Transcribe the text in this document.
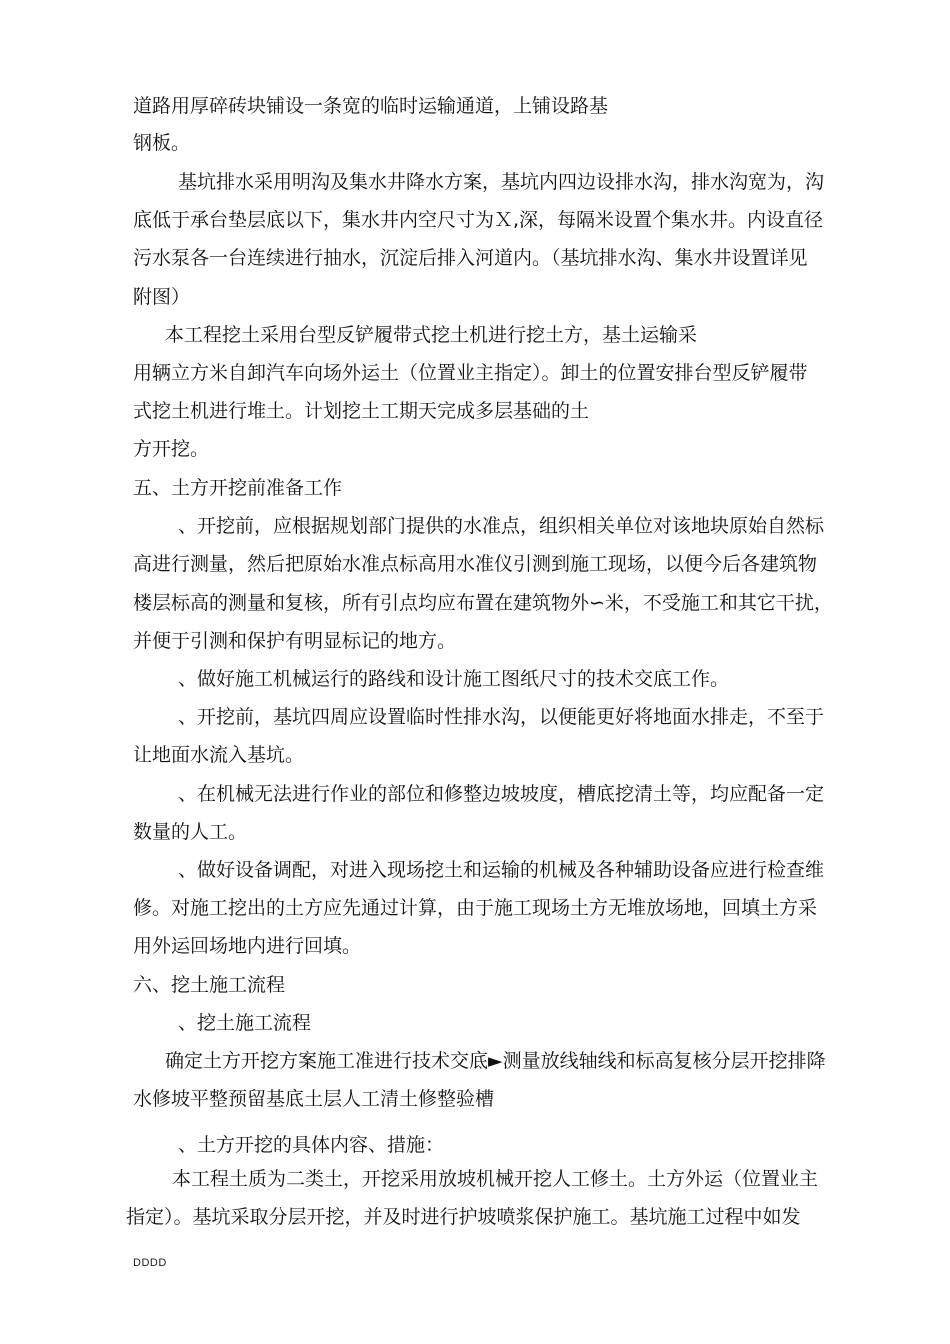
道路用厚碎砖块铺设一条宽的临时运输通道，上铺设路基
钢板。
基坑排水采用明沟及集水井降水方案，基坑内四边设排水沟，排水沟宽为，沟
底低于承台垫层底以下，集水井内空尺寸为Ｘ,深，每隔米设置个集水井。内设直径
污水泵各一台连续进行抽水，沉淀后排入河道内。（基坑排水沟、集水井设置详见
附图）
本工程挖土采用台型反铲履带式挖土机进行挖土方，基土运输采
用辆立方米自卸汽车向场外运土（位置业主指定）。卸土的位置安排台型反铲履带
式挖土机进行堆土。计划挖土工期天完成多层基础的土
方开挖。
五、土方开挖前准备工作
、开挖前，应根据规划部门提供的水准点，组织相关单位对该地块原始自然标
高进行测量，然后把原始水准点标高用水准仪引测到施工现场，以便今后各建筑物
楼层标高的测量和复核，所有引点均应布置在建筑物外∽米，不受施工和其它干扰，
并便于引测和保护有明显标记的地方。
、做好施工机械运行的路线和设计施工图纸尺寸的技术交底工作。
、开挖前，基坑四周应设置临时性排水沟，以便能更好将地面水排走，不至于
让地面水流入基坑。
、在机械无法进行作业的部位和修整边坡坡度，槽底挖清土等，均应配备一定
数量的人工。
、做好设备调配，对进入现场挖土和运输的机械及各种辅助设备应进行检查维
修。对施工挖出的土方应先通过计算，由于施工现场土方无堆放场地，回填土方采
用外运回场地内进行回填。
六、挖土施工流程
、挖土施工流程
确定土方开挖方案施工准进行技术交底►测量放线轴线和标高复核分层开挖排降
水修坡平整预留基底土层人工清土修整验槽
、土方开挖的具体内容、措施：
本工程土质为二类土，开挖采用放坡机械开挖人工修土。土方外运（位置业主
指定）。基坑采取分层开挖，并及时进行护坡喷浆保护施工。基坑施工过程中如发
DDDD
